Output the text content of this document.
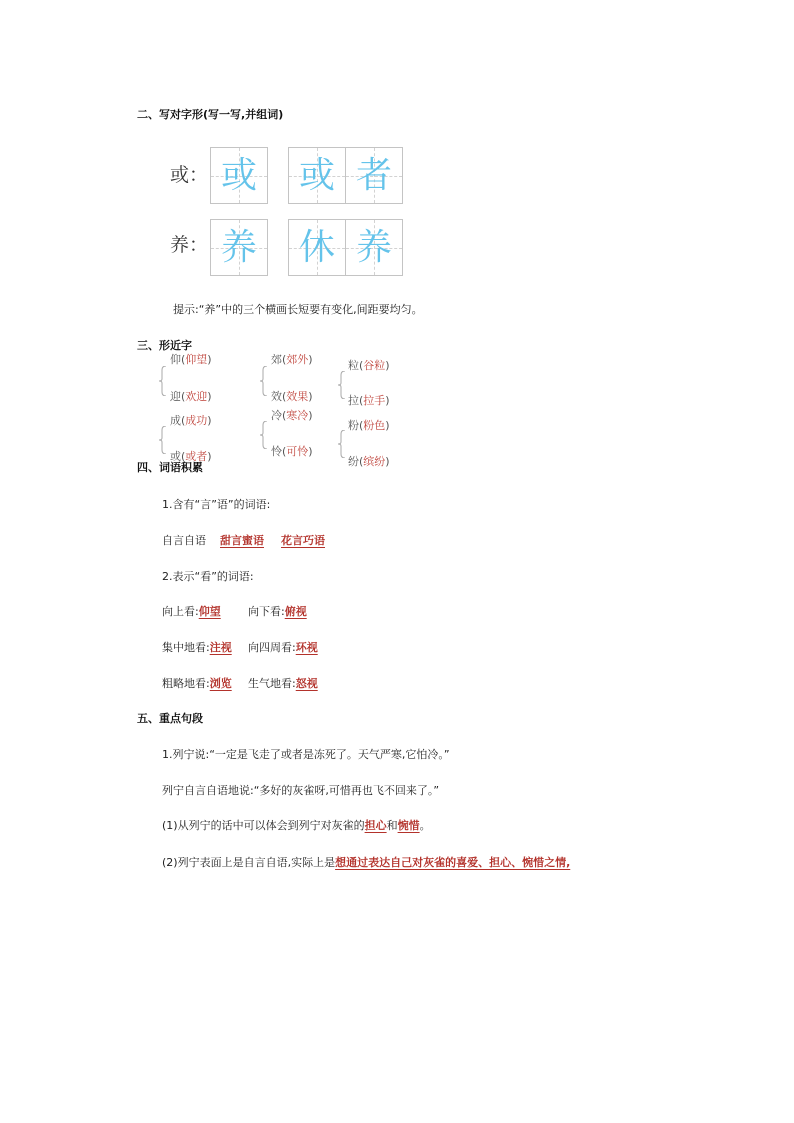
二、写对字形(写一写,并组词)
或： 或 或 者
养： 养 休 养
提示:“养”中的三个横画长短要有变化,间距要均匀。
三、形近字
仰(仰望)
迎(欢迎)
成(成功)
或(或者)
郊(郊外)
效(效果)
冷(寒冷)
怜(可怜)
粒(谷粒)
拉(拉手)
粉(粉色)
纷(缤纷)
四、词语积累
1.含有“言”语”的词语:
自言自语 甜言蜜语 花言巧语
2.表示“看”的词语:
向上看:仰望 向下看:俯视
集中地看:注视 向四周看:环视
粗略地看:浏览 生气地看:怒视
五、重点句段
1.列宁说:“一定是飞走了或者是冻死了。天气严寒,它怕冷。”
列宁自言自语地说:“多好的灰雀呀,可惜再也飞不回来了。”
(1)从列宁的话中可以体会到列宁对灰雀的担心和惋惜。
(2)列宁表面上是自言自语,实际上是想通过表达自己对灰雀的喜爱、担心、惋惜之情,
